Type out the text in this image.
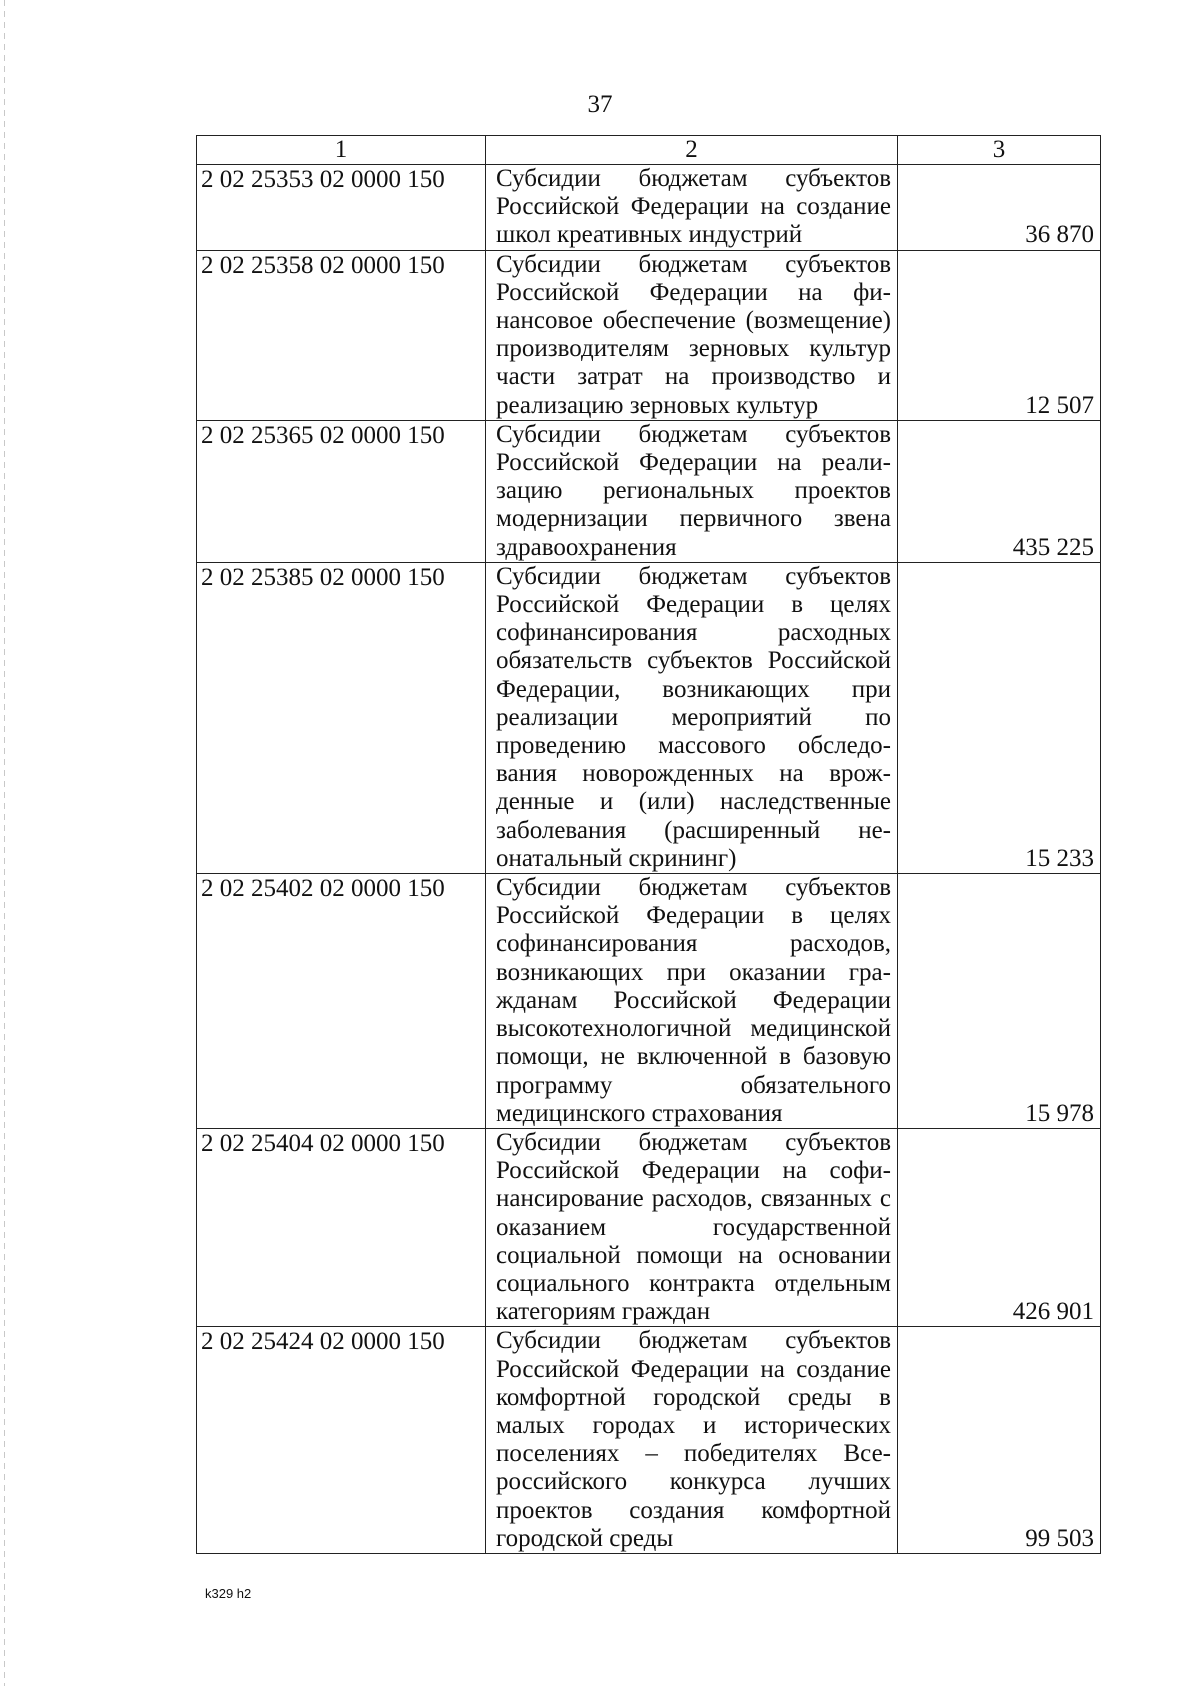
37
1	2	3
2 02 25353 02 0000 150	Субсидии бюджетам субъектов Российской Федерации на создание школ креативных индустрий	36 870
2 02 25358 02 0000 150	Субсидии бюджетам субъектов Российской Федерации на финансовое обеспечение (возмещение) производителям зерновых культур части затрат на производство и реализацию зерновых культур	12 507
2 02 25365 02 0000 150	Субсидии бюджетам субъектов Российской Федерации на реализацию региональных проектов модернизации первичного звена здравоохранения	435 225
2 02 25385 02 0000 150	Субсидии бюджетам субъектов Российской Федерации в целях софинансирования расходных обязательств субъектов Российской Федерации, возникающих при реализации мероприятий по проведению массового обследования новорожденных на врожденные и (или) наследственные заболевания (расширенный неонатальный скрининг)	15 233
2 02 25402 02 0000 150	Субсидии бюджетам субъектов Российской Федерации в целях софинансирования расходов, возникающих при оказании гражданам Российской Федерации высокотехнологичной медицинской помощи, не включенной в базовую программу обязательного медицинского страхования	15 978
2 02 25404 02 0000 150	Субсидии бюджетам субъектов Российской Федерации на софинансирование расходов, связанных с оказанием государственной социальной помощи на основании социального контракта отдельным категориям граждан	426 901
2 02 25424 02 0000 150	Субсидии бюджетам субъектов Российской Федерации на создание комфортной городской среды в малых городах и исторических поселениях – победителях Всероссийского конкурса лучших проектов создания комфортной городской среды	99 503
k329 h2
